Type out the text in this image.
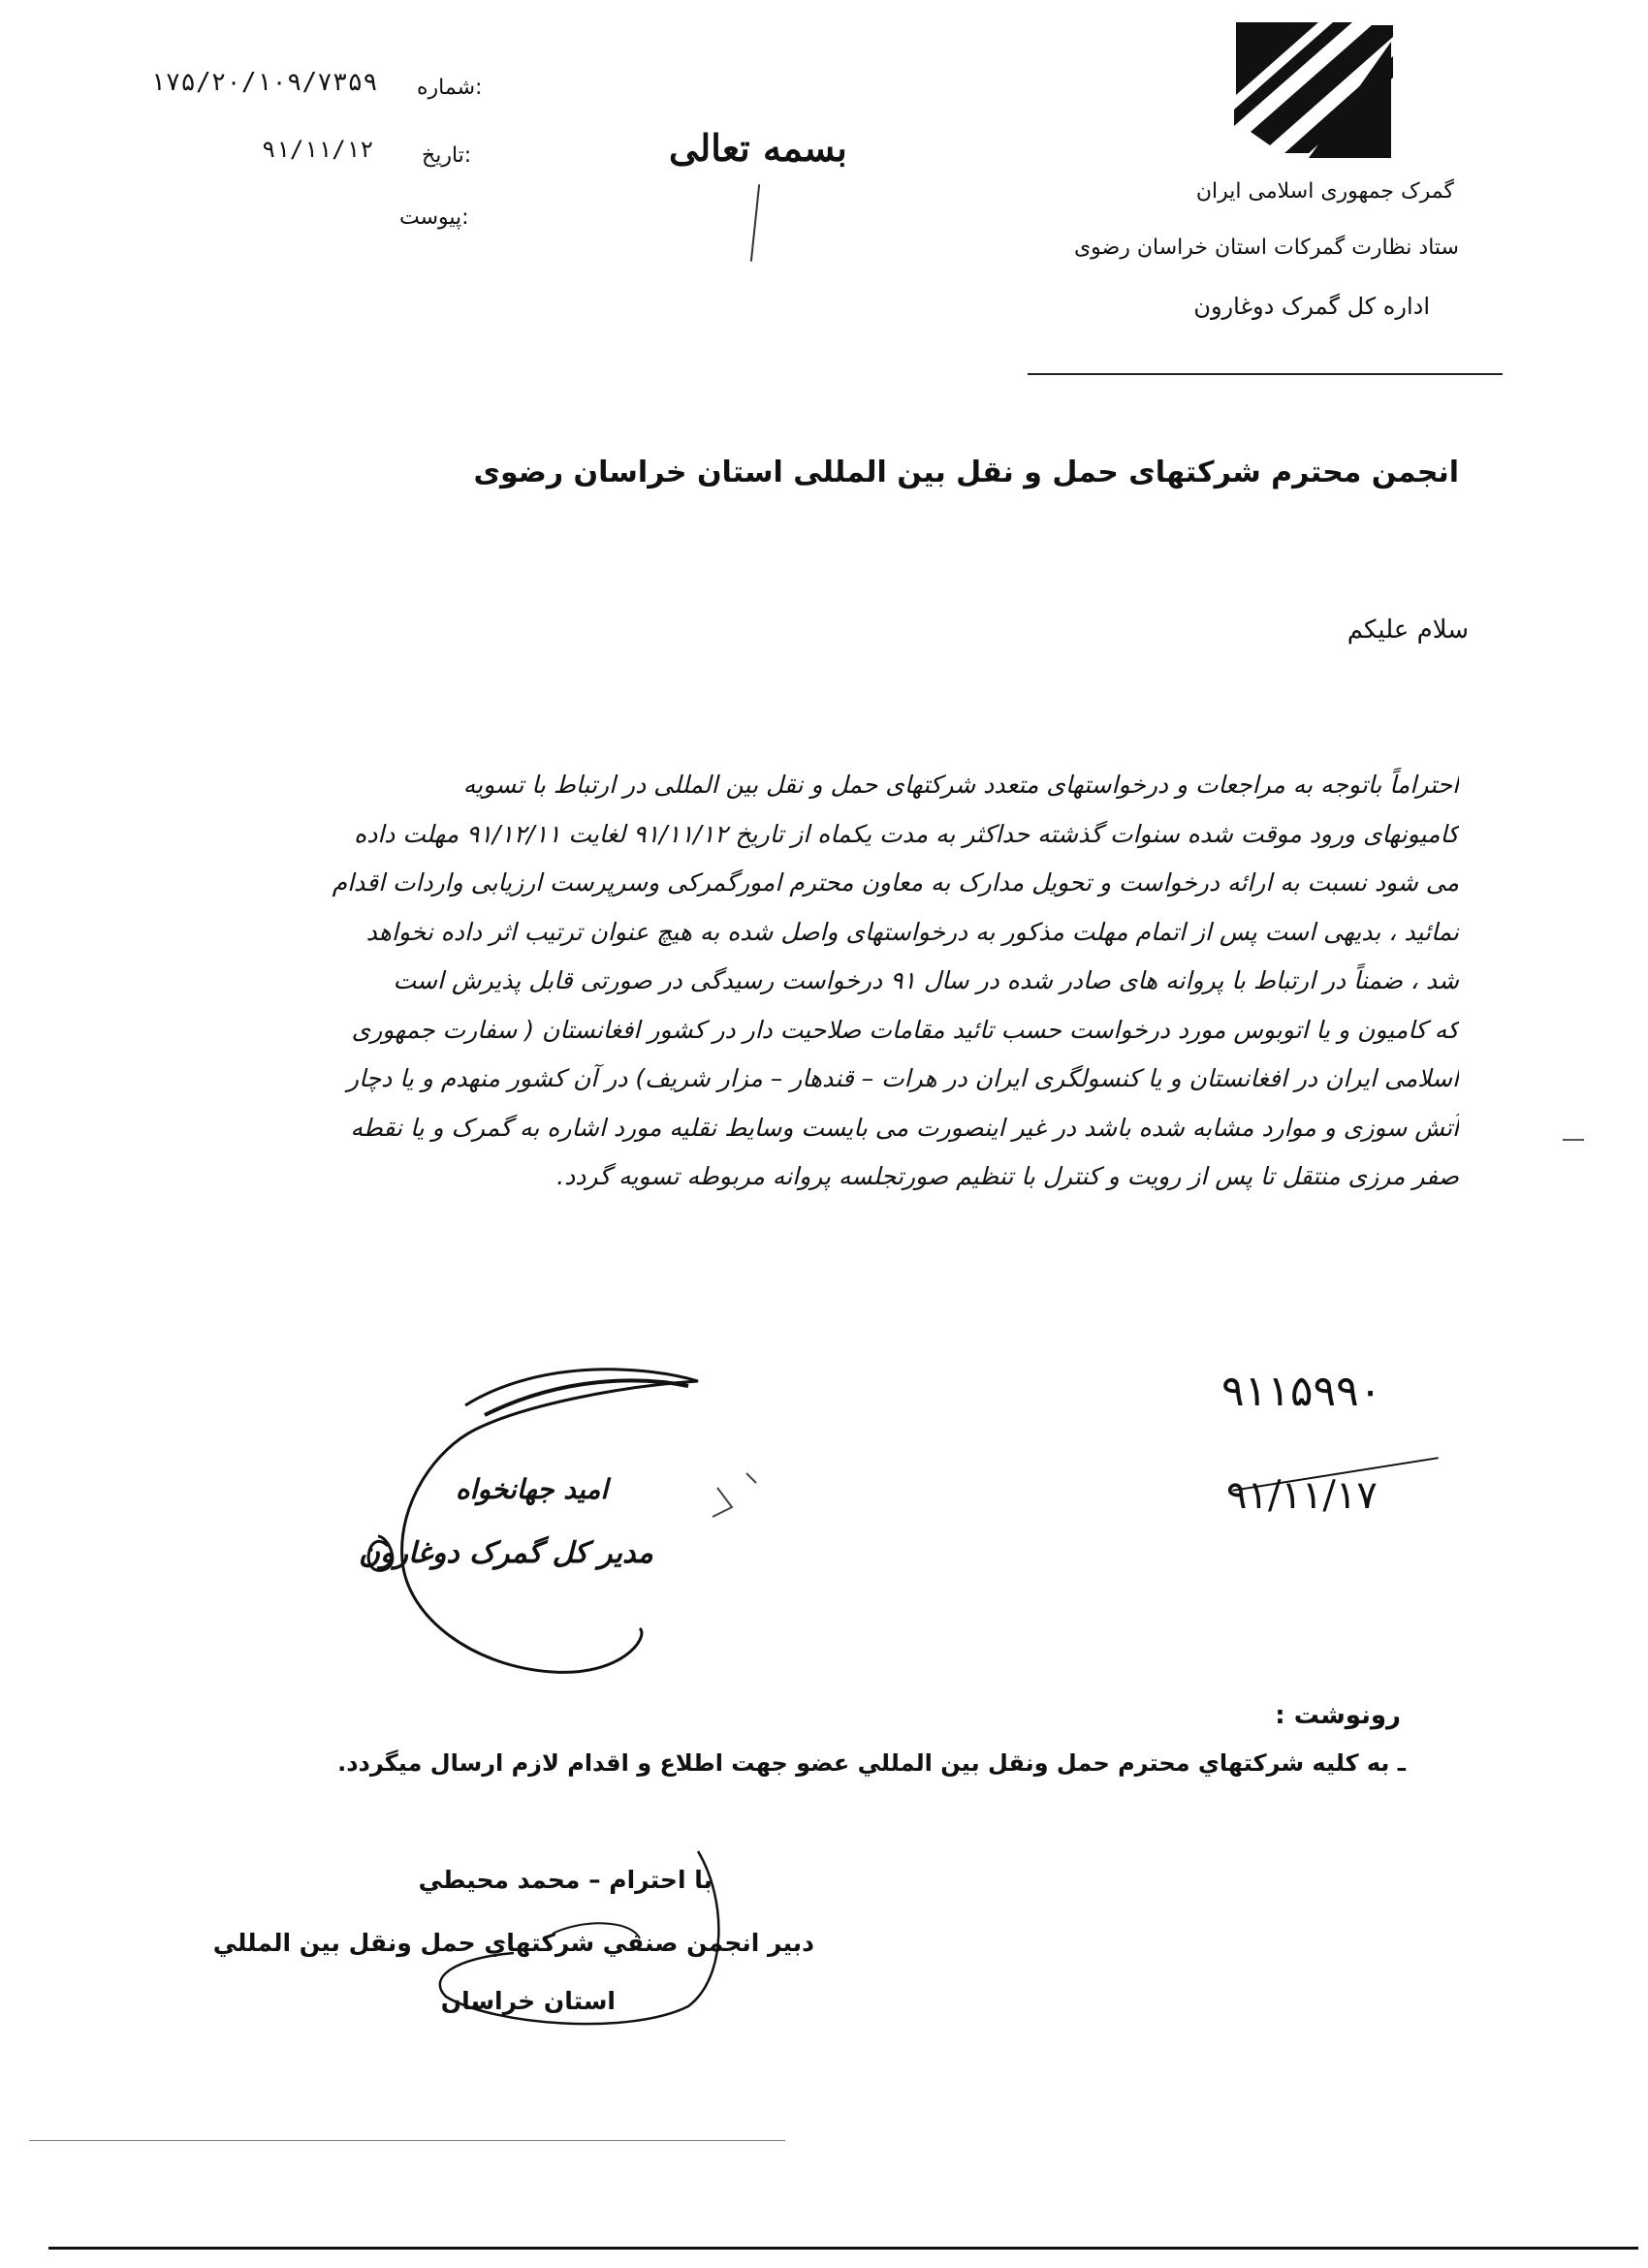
گمرک جمهوری اسلامی ایران
ستاد نظارت گمرکات استان خراسان رضوی
اداره کل گمرک دوغارون
بسمه تعالی
شماره:
۱۷۵/۲۰/۱۰۹/۷۳۵۹
تاریخ:
۹۱/۱۱/۱۲
پیوست:
انجمن محترم شرکتهای حمل و نقل بین المللی استان خراسان رضوی
سلام علیکم
احتراماً باتوجه به مراجعات و درخواستهای متعدد شرکتهای حمل و نقل بین المللی در ارتباط با تسویه
کامیونهای ورود موقت شده سنوات گذشته حداکثر به مدت یکماه از تاریخ ۹۱/۱۱/۱۲ لغایت ۹۱/۱۲/۱۱ مهلت داده
می شود نسبت به ارائه درخواست و تحویل مدارک به معاون محترم امورگمرکی وسرپرست ارزیابی واردات اقدام
نمائید ، بدیهی است پس از اتمام مهلت مذکور به درخواستهای واصل شده به هیچ عنوان ترتیب اثر داده نخواهد
شد ، ضمناً در ارتباط با پروانه های صادر شده در سال ۹۱ درخواست رسیدگی در صورتی قابل پذیرش است
که کامیون و یا اتوبوس مورد درخواست حسب تائید مقامات صلاحیت دار در کشور افغانستان ( سفارت جمهوری
اسلامی ایران در افغانستان و یا کنسولگری ایران در هرات – قندهار – مزار شریف) در آن کشور منهدم و یا دچار
آتش سوزی و موارد مشابه شده باشد در غیر اینصورت می بایست وسایط نقلیه مورد اشاره به گمرک و یا نقطه
صفر مرزی منتقل تا پس از رویت و کنترل با تنظیم صورتجلسه پروانه مربوطه تسویه گردد.
۹۱۱۵۹۹۰
۹۱/۱۱/۱۷
امید جهانخواه
مدیر کل گمرک دوغارون
رونوشت :
ـ به کليه شرکتهاي محترم حمل ونقل بين المللي عضو جهت اطلاع و اقدام لازم ارسال ميگردد.
با احترام – محمد محيطي
دبير انجمن صنفي شرکتهاي حمل ونقل بين المللي
استان خراسان
